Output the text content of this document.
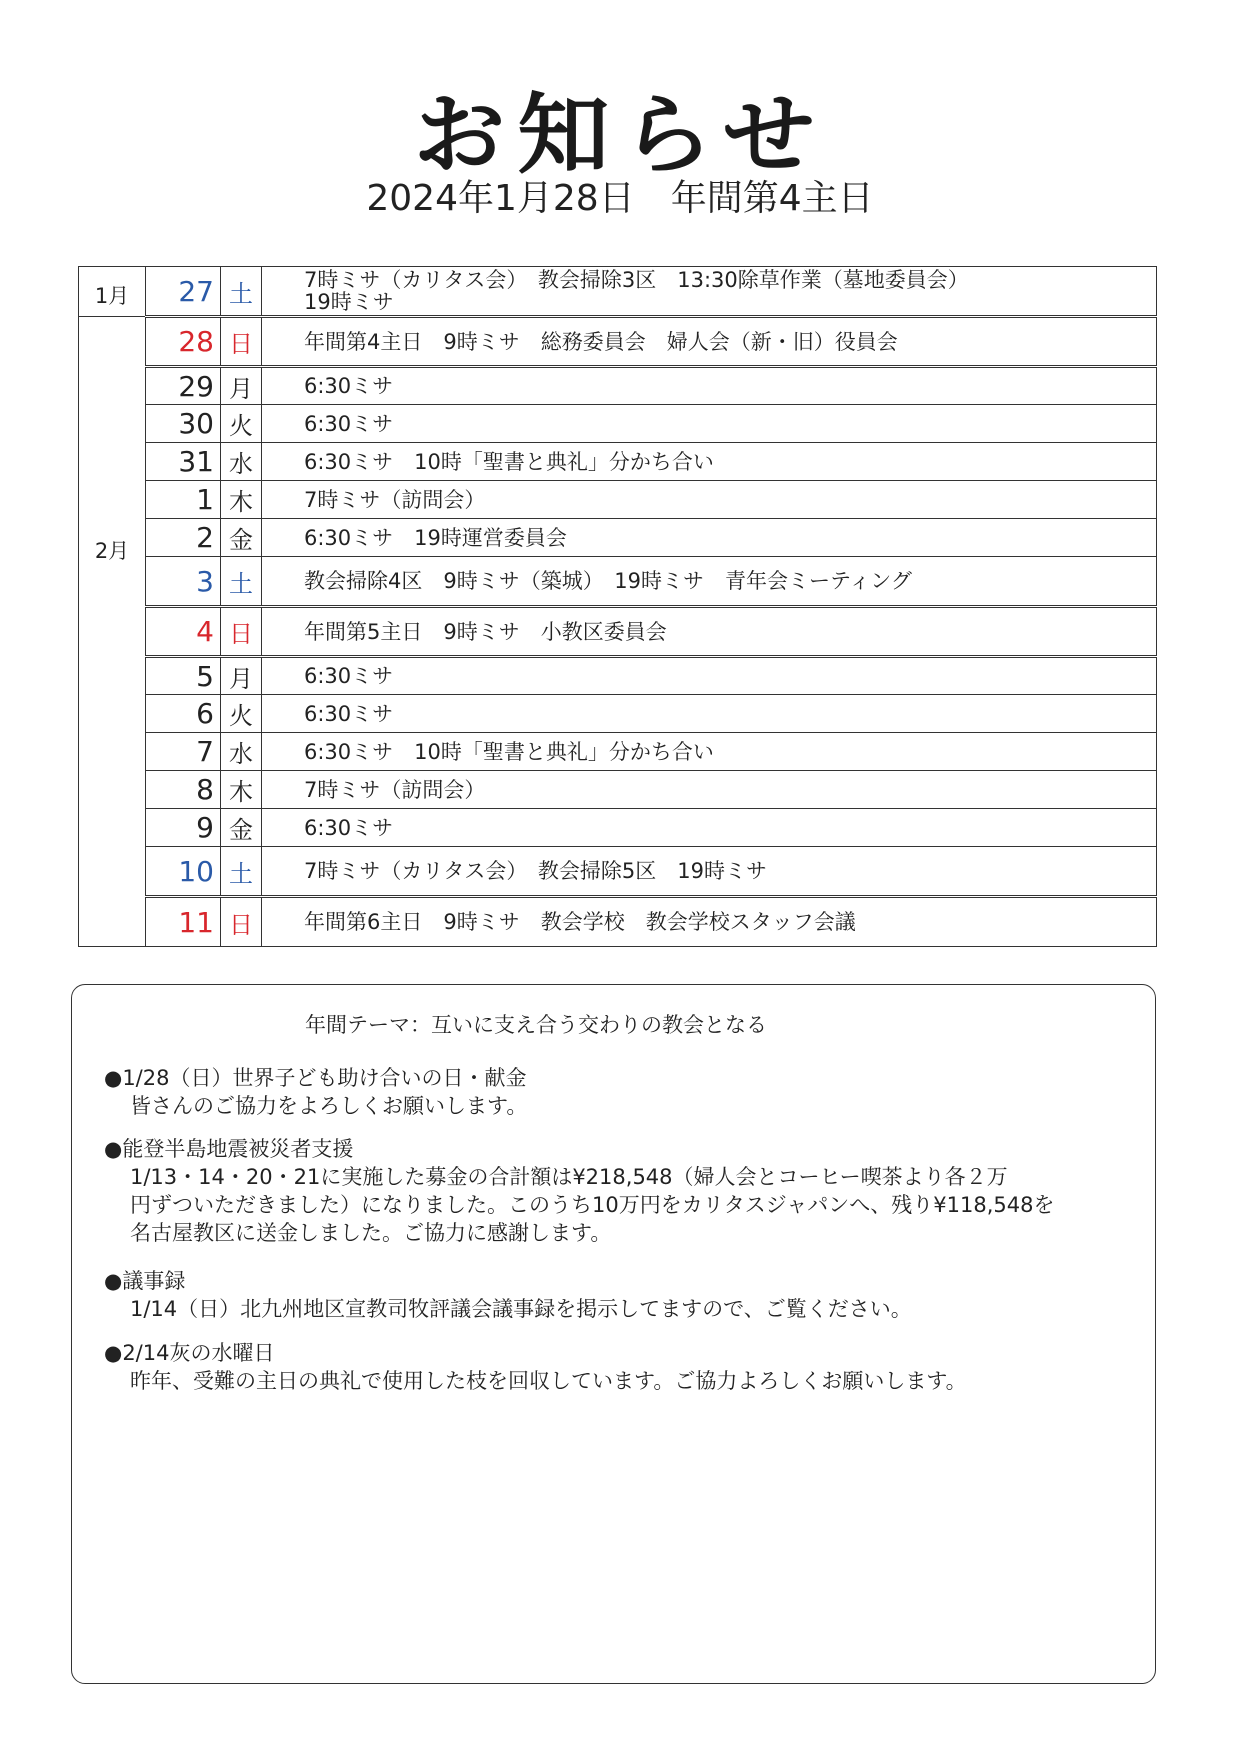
お知らせ
2024年1月28日　年間第4主日
1月	27	土	7時ミサ（カリタス会）　教会掃除3区　13:30除草作業（墓地委員会）
19時ミサ

2月	28	日	年間第4主日　9時ミサ　総務委員会　婦人会（新・旧）役員会

	29	月	6:30ミサ

	30	火	6:30ミサ

	31	水	6:30ミサ　10時「聖書と典礼」分かち合い

	1	木	7時ミサ（訪問会）

	2	金	6:30ミサ　19時運営委員会

	3	土	教会掃除4区　9時ミサ（築城）　19時ミサ　青年会ミーティング

	4	日	年間第5主日　9時ミサ　小教区委員会

	5	月	6:30ミサ

	6	火	6:30ミサ

	7	水	6:30ミサ　10時「聖書と典礼」分かち合い

	8	木	7時ミサ（訪問会）

	9	金	6:30ミサ

	10	土	7時ミサ（カリタス会）　教会掃除5区　19時ミサ

	11	日	年間第6主日　9時ミサ　教会学校　教会学校スタッフ会議
年間テーマ：互いに支え合う交わりの教会となる
●1/28（日）世界子ども助け合いの日・献金
皆さんのご協力をよろしくお願いします。
●能登半島地震被災者支援
1/13・14・20・21に実施した募金の合計額は¥218,548（婦人会とコーヒー喫茶より各２万
円ずついただきました）になりました。このうち10万円をカリタスジャパンへ、残り¥118,548を
名古屋教区に送金しました。ご協力に感謝します。
●議事録
1/14（日）北九州地区宣教司牧評議会議事録を掲示してますので、ご覧ください。
●2/14灰の水曜日
昨年、受難の主日の典礼で使用した枝を回収しています。ご協力よろしくお願いします。
